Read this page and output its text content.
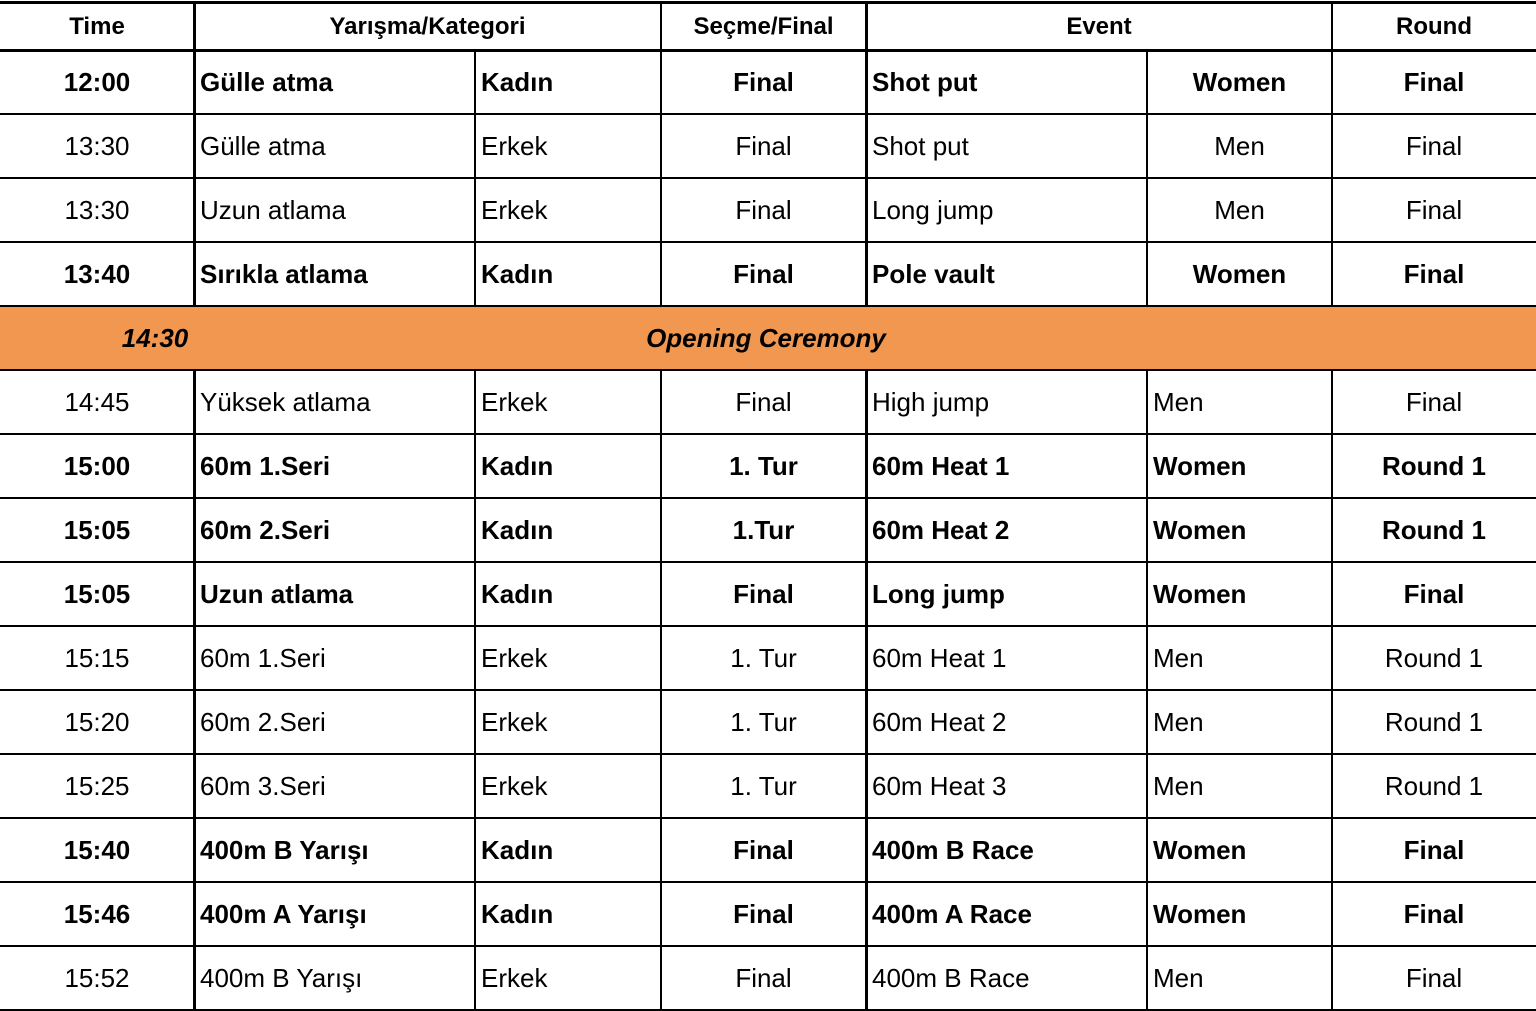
Time	Yarışma/Kategori	Seçme/Final	Event	Round
12:00	Gülle atma	Kadın	Final	Shot put	Women	Final
13:30	Gülle atma	Erkek	Final	Shot put	Men	Final
13:30	Uzun atlama	Erkek	Final	Long jump	Men	Final
13:40	Sırıkla atlama	Kadın	Final	Pole vault	Women	Final
14:30	Opening Ceremony
14:45	Yüksek atlama	Erkek	Final	High jump	Men	Final
15:00	60m 1.Seri	Kadın	1. Tur	60m Heat 1	Women	Round 1
15:05	60m 2.Seri	Kadın	1.Tur	60m Heat 2	Women	Round 1
15:05	Uzun atlama	Kadın	Final	Long jump	Women	Final
15:15	60m 1.Seri	Erkek	1. Tur	60m Heat 1	Men	Round 1
15:20	60m 2.Seri	Erkek	1. Tur	60m Heat 2	Men	Round 1
15:25	60m 3.Seri	Erkek	1. Tur	60m Heat 3	Men	Round 1
15:40	400m B Yarışı	Kadın	Final	400m B Race	Women	Final
15:46	400m A Yarışı	Kadın	Final	400m A Race	Women	Final
15:52	400m B Yarışı	Erkek	Final	400m B Race	Men	Final
